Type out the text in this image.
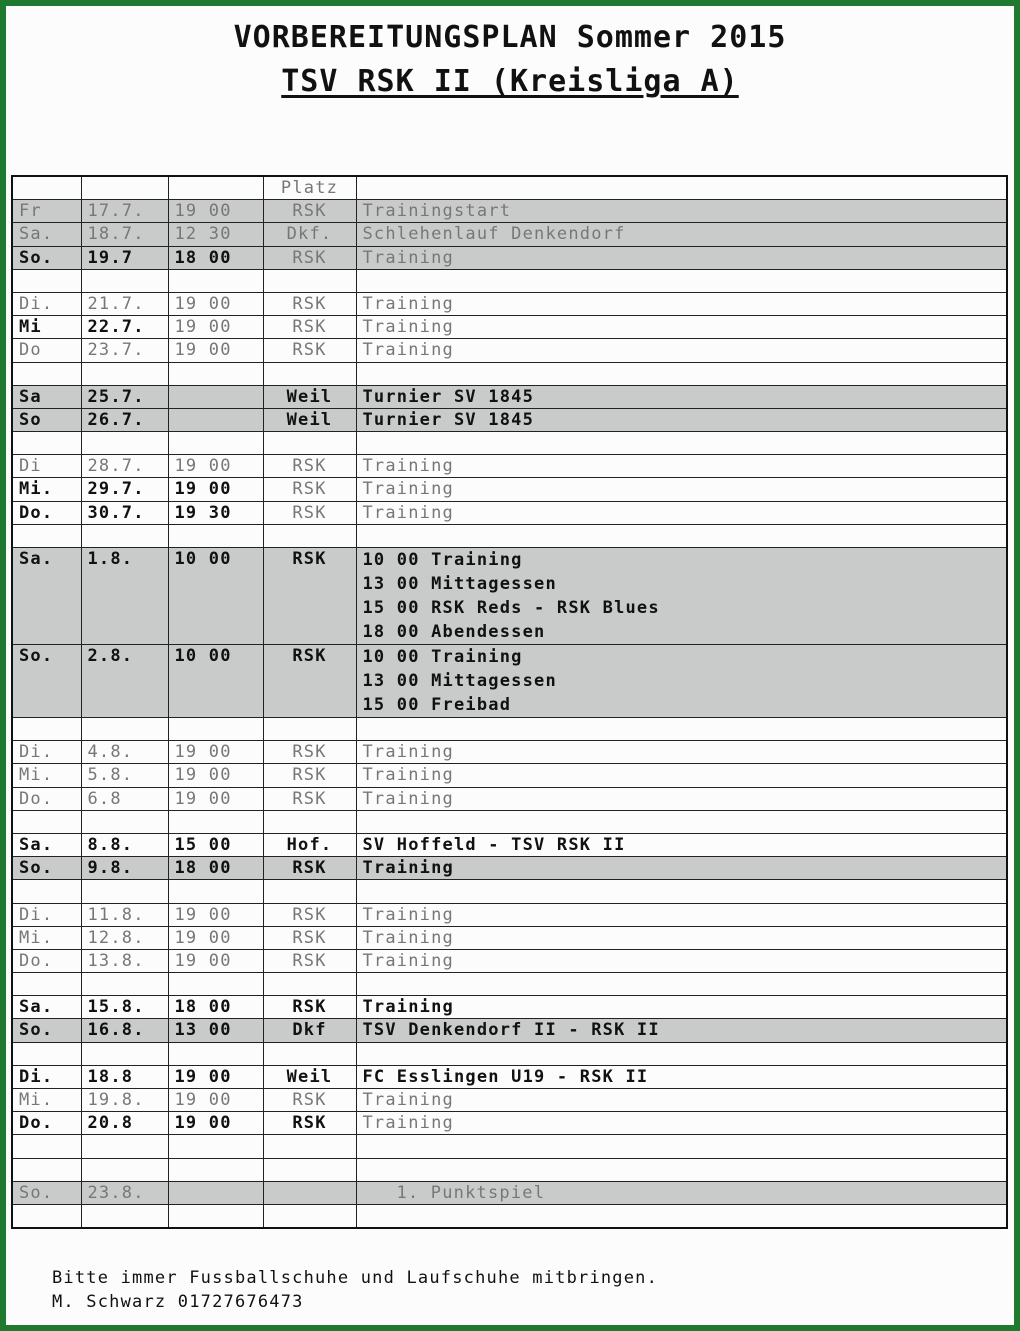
VORBEREITUNGSPLAN Sommer 2015
TSV RSK II (Kreisliga A)
			Platz	
Fr	17.7.	19 00	RSK	Trainingstart
Sa.	18.7.	12 30	Dkf.	Schlehenlauf Denkendorf
So.	19.7	18 00	RSK	Training

Di.	21.7.	19 00	RSK	Training
Mi	22.7.	19 00	RSK	Training
Do	23.7.	19 00	RSK	Training

Sa	25.7.		Weil	Turnier SV 1845
So	26.7.		Weil	Turnier SV 1845

Di	28.7.	19 00	RSK	Training
Mi.	29.7.	19 00	RSK	Training
Do.	30.7.	19 30	RSK	Training

Sa.	1.8.	10 00	RSK	10 00 Training
13 00 Mittagessen
15 00 RSK Reds - RSK Blues
18 00 Abendessen

So.	2.8.	10 00	RSK	10 00 Training
13 00 Mittagessen
15 00 Freibad

Di.	4.8.	19 00	RSK	Training
Mi.	5.8.	19 00	RSK	Training
Do.	6.8	19 00	RSK	Training

Sa.	8.8.	15 00	Hof.	SV Hoffeld - TSV RSK II
So.	9.8.	18 00	RSK	Training

Di.	11.8.	19 00	RSK	Training
Mi.	12.8.	19 00	RSK	Training
Do.	13.8.	19 00	RSK	Training

Sa.	15.8.	18 00	RSK	Training
So.	16.8.	13 00	Dkf	TSV Denkendorf II - RSK II

Di.	18.8	19 00	Weil	FC Esslingen U19 - RSK II
Mi.	19.8.	19 00	RSK	Training
Do.	20.8	19 00	RSK	Training

So.	23.8.			1. Punktspiel

Bitte immer Fussballschuhe und Laufschuhe mitbringen.
M. Schwarz 01727676473
